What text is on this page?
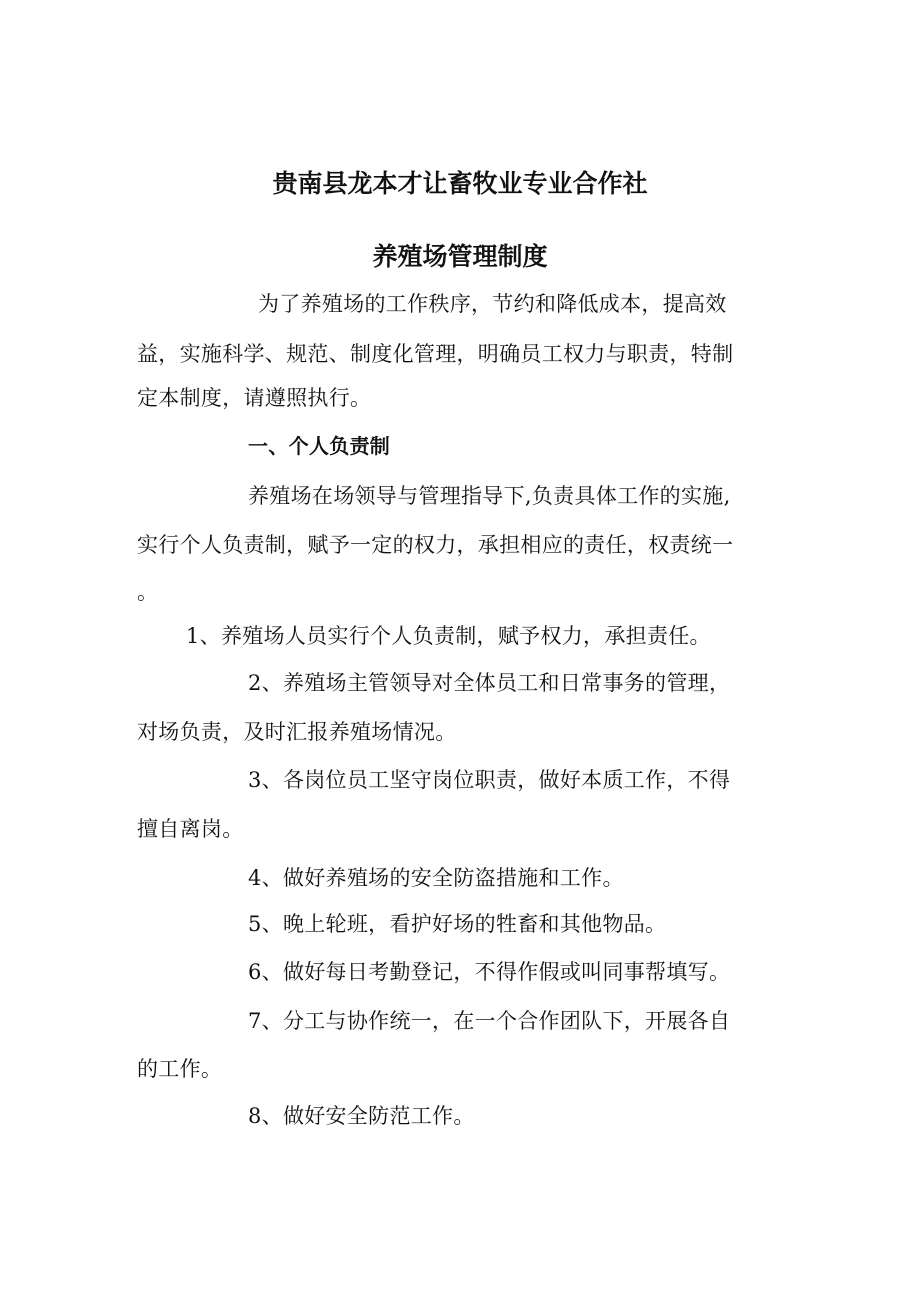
贵南县龙本才让畜牧业专业合作社
养殖场管理制度
为了养殖场的工作秩序，节约和降低成本，提高效
益，实施科学、规范、制度化管理，明确员工权力与职责，特制
定本制度，请遵照执行。
一、个人负责制
养殖场在场领导与管理指导下,负责具体工作的实施,
实行个人负责制，赋予一定的权力，承担相应的责任，权责统一
。
1、养殖场人员实行个人负责制，赋予权力，承担责任。
2、养殖场主管领导对全体员工和日常事务的管理，
对场负责，及时汇报养殖场情况。
3、各岗位员工坚守岗位职责，做好本质工作，不得
擅自离岗。
4、做好养殖场的安全防盗措施和工作。
5、晚上轮班，看护好场的牲畜和其他物品。
6、做好每日考勤登记，不得作假或叫同事帮填写。
7、分工与协作统一，在一个合作团队下，开展各自
的工作。
8、做好安全防范工作。
